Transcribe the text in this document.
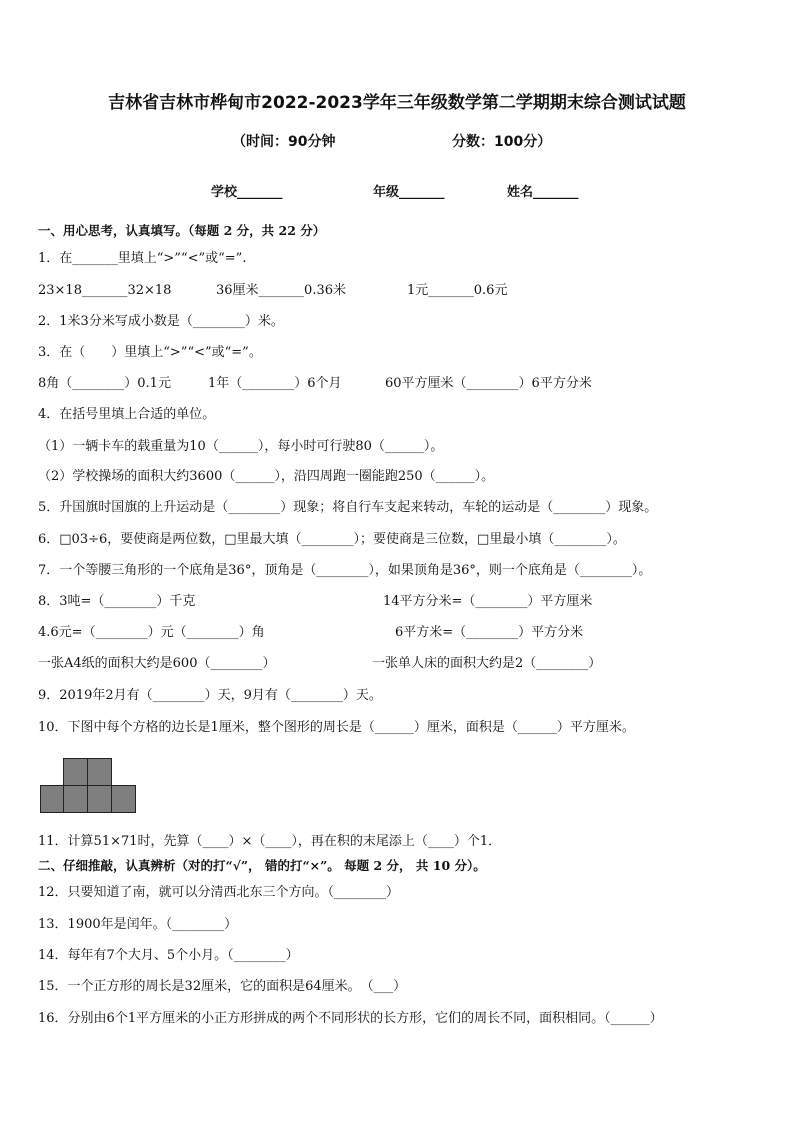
吉林省吉林市桦甸市2022-2023学年三年级数学第二学期期末综合测试试题
（时间：90分钟	分数：100分）
学校_______	年级_______	姓名_______
一、用心思考，认真填写。（每题 2 分，共 22 分）
1．在_______里填上“>”“<”或“=”.
23×18_______32×18	36厘米_______0.36米	1元_______0.6元
2．1米3分米写成小数是（________）米。
3．在（　　）里填上“>”“<”或“=”。
8角（________）0.1元	1年（________）6个月	60平方厘米（________）6平方分米
4．在括号里填上合适的单位。
（1）一辆卡车的载重量为10（______），每小时可行驶80（______）。
（2）学校操场的面积大约3600（______），沿四周跑一圈能跑250（______）。
5．升国旗时国旗的上升运动是（________）现象；将自行车支起来转动，车轮的运动是（________）现象。
6．□03÷6，要使商是两位数，□里最大填（________）；要使商是三位数，□里最小填（________）。
7．一个等腰三角形的一个底角是36°，顶角是（________），如果顶角是36°，则一个底角是（________）。
8．3吨=（________）千克	14平方分米=（________）平方厘米
4.6元=（________）元（________）角	6平方米=（________）平方分米
一张A4纸的面积大约是600（________）	一张单人床的面积大约是2（________）
9．2019年2月有（________）天，9月有（________）天。
10．下图中每个方格的边长是1厘米，整个图形的周长是（______）厘米，面积是（______）平方厘米。
11．计算51×71时，先算（____）×（____），再在积的末尾添上（____）个1．
二、仔细推敲，认真辨析（对的打“√”， 错的打“×”。 每题 2 分， 共 10 分）。
12．只要知道了南，就可以分清西北东三个方向。（________）
13．1900年是闰年。（________）
14．每年有7个大月、5个小月。（________）
15．一个正方形的周长是32厘米，它的面积是64厘米。　（___）
16．分别由6个1平方厘米的小正方形拼成的两个不同形状的长方形，它们的周长不同，面积相同。（______）
